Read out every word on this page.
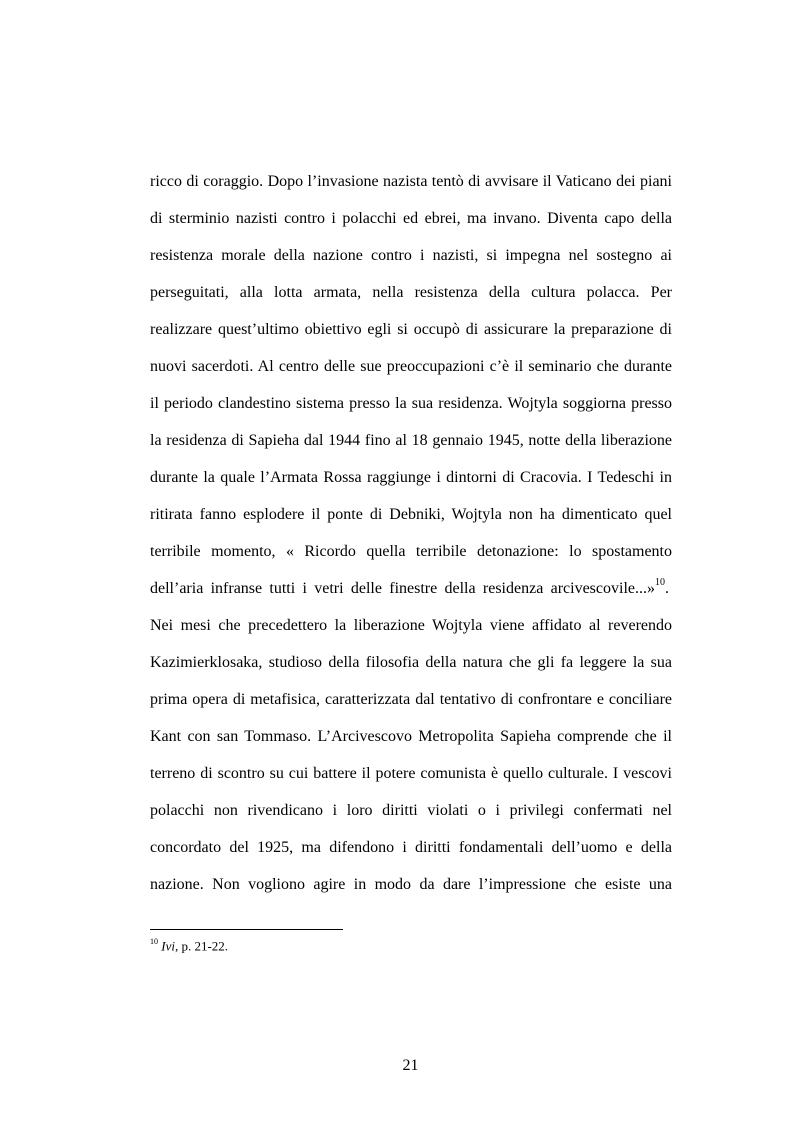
ricco di coraggio. Dopo l’invasione nazista tentò di avvisare il Vaticano dei piani
di sterminio nazisti contro i polacchi ed ebrei, ma invano. Diventa capo della
resistenza morale della nazione contro i nazisti, si impegna nel sostegno ai
perseguitati, alla lotta armata, nella resistenza della cultura polacca. Per
realizzare quest’ultimo obiettivo egli si occupò di assicurare la preparazione di
nuovi sacerdoti. Al centro delle sue preoccupazioni c’è il seminario che durante
il periodo clandestino sistema presso la sua residenza. Wojtyla soggiorna presso
la residenza di Sapieha dal 1944 fino al 18 gennaio 1945, notte della liberazione
durante la quale l’Armata Rossa raggiunge i dintorni di Cracovia. I Tedeschi in
ritirata fanno esplodere il ponte di Debniki, Wojtyla non ha dimenticato quel
terribile momento, « Ricordo quella terribile detonazione: lo spostamento
dell’aria infranse tutti i vetri delle finestre della residenza arcivescovile...»$^{10}$.
Nei mesi che precedettero la liberazione Wojtyla viene affidato al reverendo
Kazimierklosaka, studioso della filosofia della natura che gli fa leggere la sua
prima opera di metafisica, caratterizzata dal tentativo di confrontare e conciliare
Kant con san Tommaso. L’Arcivescovo Metropolita Sapieha comprende che il
terreno di scontro su cui battere il potere comunista è quello culturale. I vescovi
polacchi non rivendicano i loro diritti violati o i privilegi confermati nel
concordato del 1925, ma difendono i diritti fondamentali dell’uomo e della
nazione. Non vogliono agire in modo da dare l’impressione che esiste una
$^{10}$ Ivi, p. 21-22.
21
